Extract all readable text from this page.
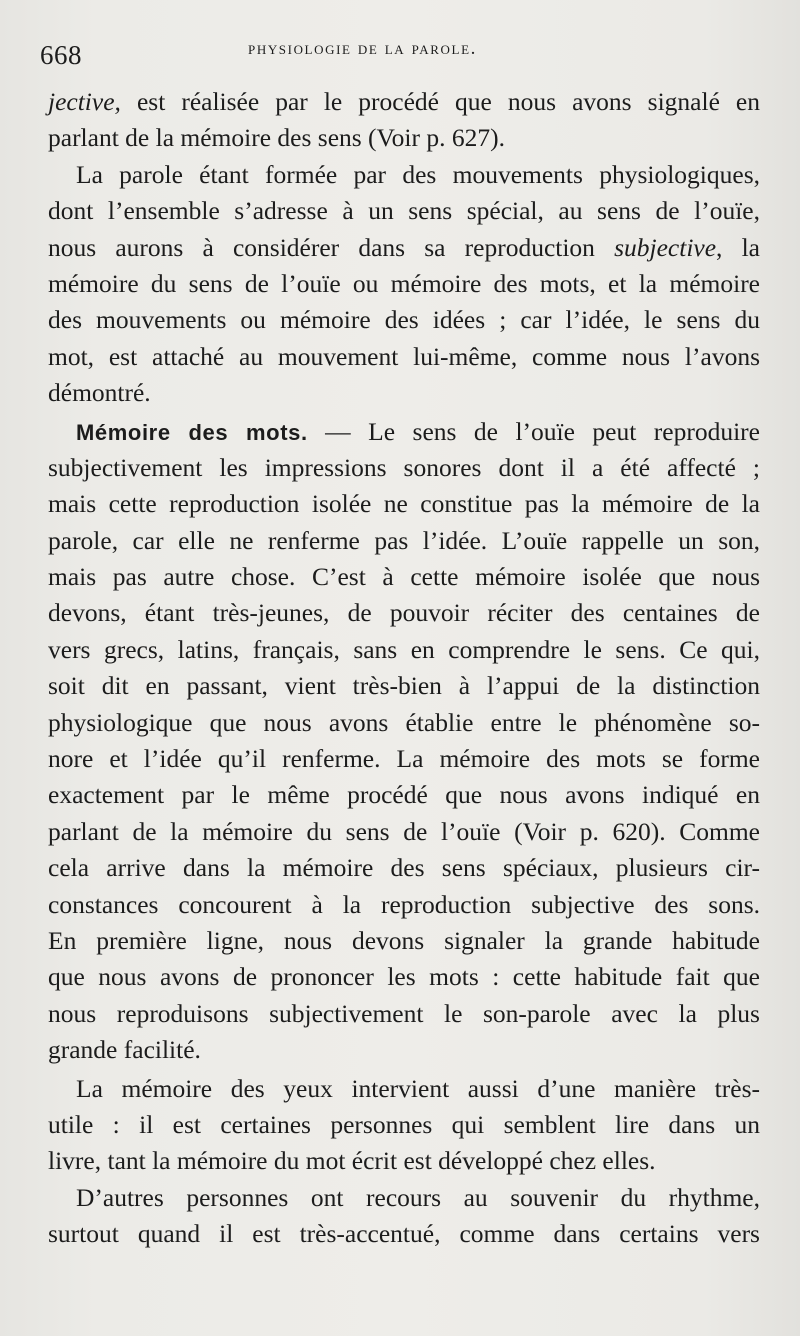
668	physiologie de la parole.
jective, est réalisée par le procédé que nous avons signalé en
parlant de la mémoire des sens (Voir p. 627).
La parole étant formée par des mouvements physiologiques,
dont l’ensemble s’adresse à un sens spécial, au sens de l’ouïe,
nous aurons à considérer dans sa reproduction subjective, la
mémoire du sens de l’ouïe ou mémoire des mots, et la mémoire
des mouvements ou mémoire des idées ; car l’idée, le sens du
mot, est attaché au mouvement lui-même, comme nous l’avons
démontré.
Mémoire des mots. — Le sens de l’ouïe peut reproduire
subjectivement les impressions sonores dont il a été affecté ;
mais cette reproduction isolée ne constitue pas la mémoire de la
parole, car elle ne renferme pas l’idée. L’ouïe rappelle un son,
mais pas autre chose. C’est à cette mémoire isolée que nous
devons, étant très-jeunes, de pouvoir réciter des centaines de
vers grecs, latins, français, sans en comprendre le sens. Ce qui,
soit dit en passant, vient très-bien à l’appui de la distinction
physiologique que nous avons établie entre le phénomène so-
nore et l’idée qu’il renferme. La mémoire des mots se forme
exactement par le même procédé que nous avons indiqué en
parlant de la mémoire du sens de l’ouïe (Voir p. 620). Comme
cela arrive dans la mémoire des sens spéciaux, plusieurs cir-
constances concourent à la reproduction subjective des sons.
En première ligne, nous devons signaler la grande habitude
que nous avons de prononcer les mots : cette habitude fait que
nous reproduisons subjectivement le son-parole avec la plus
grande facilité.
La mémoire des yeux intervient aussi d’une manière très-
utile : il est certaines personnes qui semblent lire dans un
livre, tant la mémoire du mot écrit est développé chez elles.
D’autres personnes ont recours au souvenir du rhythme,
surtout quand il est très-accentué, comme dans certains vers
